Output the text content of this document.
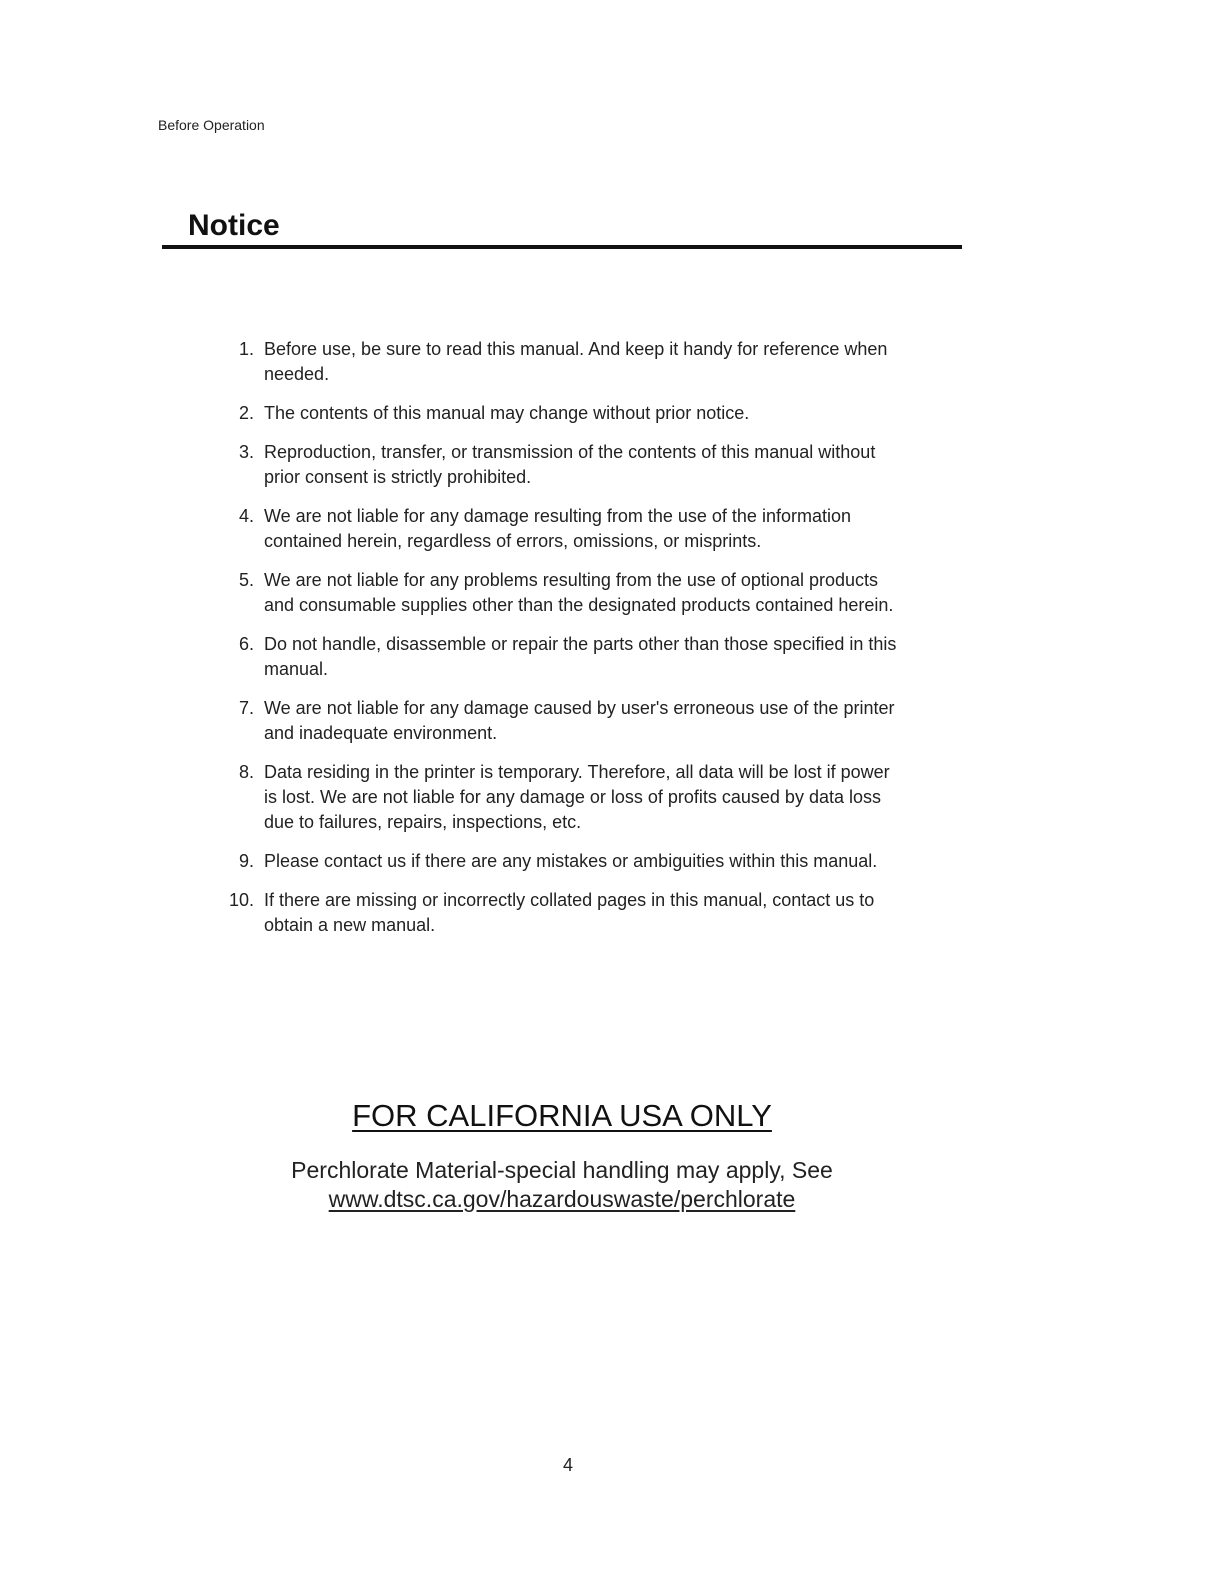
Before Operation
Notice
1. Before use, be sure to read this manual. And keep it handy for reference when needed.
2. The contents of this manual may change without prior notice.
3. Reproduction, transfer, or transmission of the contents of this manual without prior consent is strictly prohibited.
4. We are not liable for any damage resulting from the use of the information contained herein, regardless of errors, omissions, or misprints.
5. We are not liable for any problems resulting from the use of optional products and consumable supplies other than the designated products contained herein.
6. Do not handle, disassemble or repair the parts other than those specified in this manual.
7. We are not liable for any damage caused by user's erroneous use of the printer and inadequate environment.
8. Data residing in the printer is temporary. Therefore, all data will be lost if power is lost. We are not liable for any damage or loss of profits caused by data loss due to failures, repairs, inspections, etc.
9. Please contact us if there are any mistakes or ambiguities within this manual.
10. If there are missing or incorrectly collated pages in this manual, contact us to obtain a new manual.
FOR CALIFORNIA USA ONLY
Perchlorate Material-special handling may apply, See
www.dtsc.ca.gov/hazardouswaste/perchlorate
4
